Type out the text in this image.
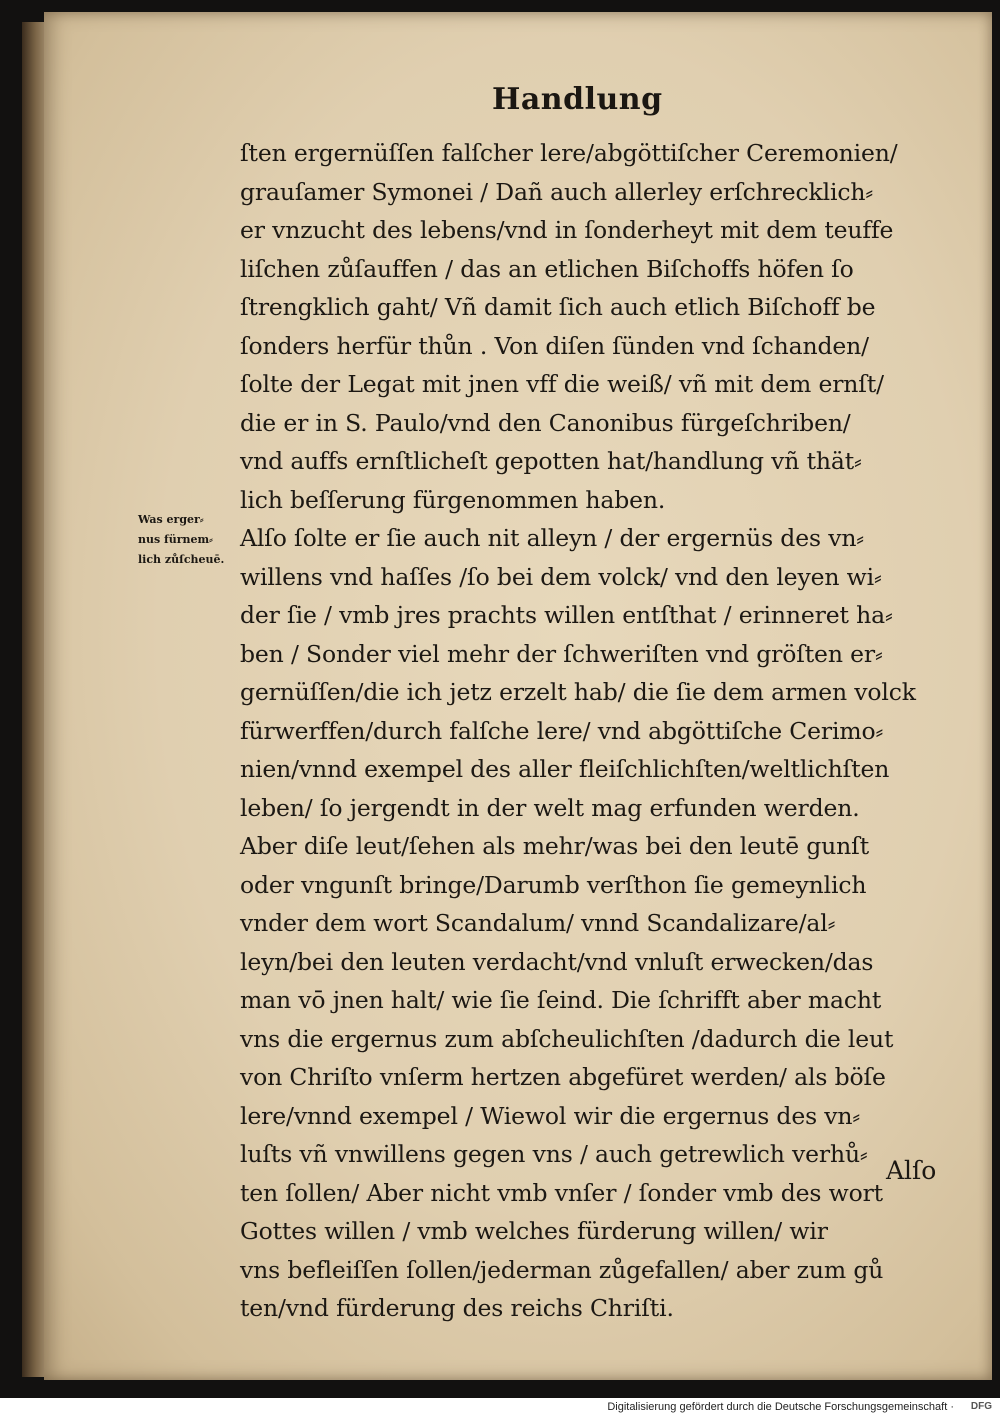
Handlung
ſten ergernüſſen falſcher lere/abgöttiſcher Ceremonien/
grauſamer Symonei / Dañ auch allerley erſchrecklich⸗
er vnzucht des lebens/vnd in ſonderheyt mit dem teuffe
liſchen zůſauffen / das an etlichen Biſchoffs höfen ſo
ſtrengklich gaht/ Vñ damit ſich auch etlich Biſchoff be
ſonders herfür thůn . Von diſen ſünden vnd ſchanden/
ſolte der Legat mit jnen vff die weiß/ vñ mit dem ernſt/
die er in S. Paulo/vnd den Canonibus fürgeſchriben/
vnd auffs ernſtlicheſt gepotten hat/handlung vñ thät⸗
lich beſſerung fürgenommen haben.
Alſo ſolte er ſie auch nit alleyn / der ergernüs des vn⸗
willens vnd haſſes /ſo bei dem volck/ vnd den leyen wi⸗
der ſie / vmb jres prachts willen entſthat / erinneret ha⸗
ben / Sonder viel mehr der ſchweriſten vnd gröſten er⸗
gernüſſen/die ich jetz erzelt hab/ die ſie dem armen volck
fürwerffen/durch falſche lere/ vnd abgöttiſche Cerimo⸗
nien/vnnd exempel des aller fleiſchlichſten/weltlichſten
leben/ ſo jergendt in der welt mag erfunden werden.
Aber diſe leut/ſehen als mehr/was bei den leutē gunſt
oder vngunſt bringe/Darumb verſthon ſie gemeynlich
vnder dem wort Scandalum/ vnnd Scandalizare/al⸗
leyn/bei den leuten verdacht/vnd vnluſt erwecken/das
man vō jnen halt/ wie ſie ſeind. Die ſchrifft aber macht
vns die ergernus zum abſcheulichſten /dadurch die leut
von Chriſto vnſerm hertzen abgefüret werden/ als böſe
lere/vnnd exempel / Wiewol wir die ergernus des vn⸗
luſts vñ vnwillens gegen vns / auch getrewlich verhů⸗
ten ſollen/ Aber nicht vmb vnſer / ſonder vmb des wort
Gottes willen / vmb welches fürderung willen/ wir
vns befleiſſen ſollen/jederman zůgefallen/ aber zum gů
ten/vnd fürderung des reichs Chriſti.
Was erger⸗
nus fürnem⸗
lich zůſcheuē.
Alſo
Digitalisierung gefördert durch die Deutsche Forschungsgemeinschaft · DFG
